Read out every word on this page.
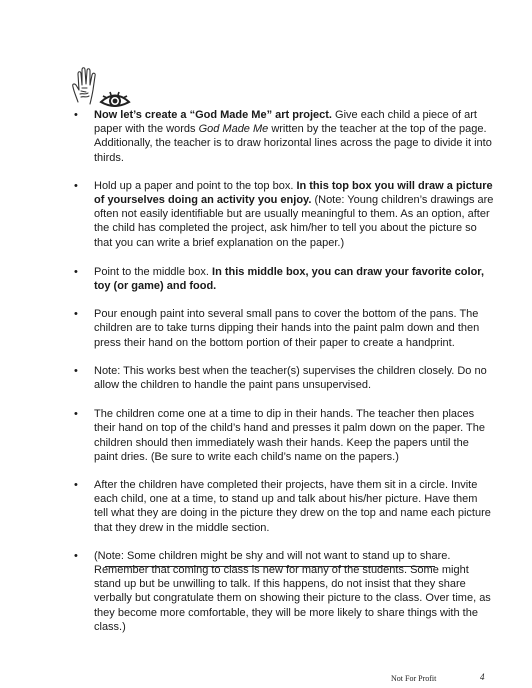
•	Now let’s create a “God Made Me” art project. Give each child a piece of art paper with the words God Made Me written by the teacher at the top of the page. Additionally, the teacher is to draw horizontal lines across the page to divide it into thirds.
•	Hold up a paper and point to the top box. In this top box you will draw a picture of yourselves doing an activity you enjoy. (Note: Young children’s drawings are often not easily identifiable but are usually meaningful to them. As an option, after the child has completed the project, ask him/her to tell you about the picture so that you can write a brief explanation on the paper.)
•	Point to the middle box. In this middle box, you can draw your favorite color, toy (or game) and food.
•	Pour enough paint into several small pans to cover the bottom of the pans. The children are to take turns dipping their hands into the paint palm down and then press their hand on the bottom portion of their paper to create a handprint.
•	Note: This works best when the teacher(s) supervises the children closely. Do no allow the children to handle the paint pans unsupervised.
•	The children come one at a time to dip in their hands. The teacher then places their hand on top of the child’s hand and presses it palm down on the paper. The children should then immediately wash their hands. Keep the papers until the paint dries. (Be sure to write each child’s name on the papers.)
•	After the children have completed their projects, have them sit in a circle. Invite each child, one at a time, to stand up and talk about his/her picture. Have them tell what they are doing in the picture they drew on the top and name each picture that they drew in the middle section.
•	(Note: Some children might be shy and will not want to stand up to share. Remember that coming to class is new for many of the students. Some might stand up but be unwilling to talk. If this happens, do not insist that they share verbally but congratulate them on showing their picture to the class. Over time, as they become more comfortable, they will be more likely to share things with the class.)
Not For Profit	4
